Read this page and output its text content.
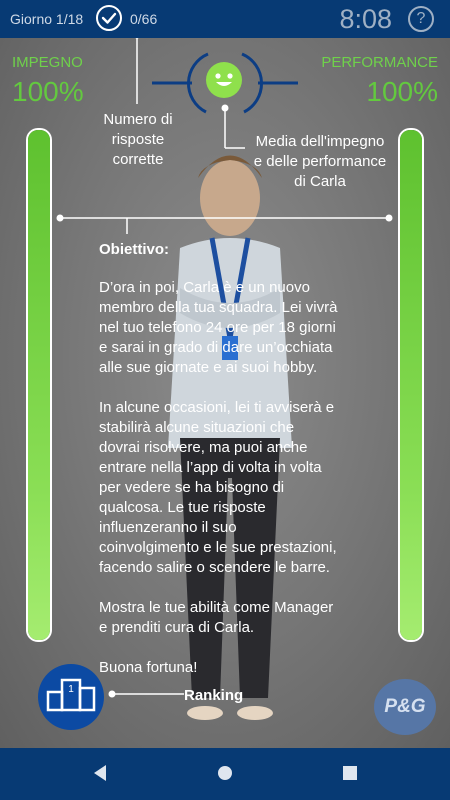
Giorno 1/18	0/66	8:08	?
IMPEGNO
100%
PERFORMANCE
100%
Numero di
risposte
corrette
Media dell'impegno
e delle performance
di Carla
Obiettivo:

D’ora in poi, Carla è e un nuovo
membro della tua squadra. Lei vivrà
nel tuo telefono 24 ore per 18 giorni
e sarai in grado di dare un’occhiata
alle sue giornate e ai suoi hobby.

In alcune occasioni, lei ti avviserà e
stabilirà alcune situazioni che
dovrai risolvere, ma puoi anche
entrare nella l’app di volta in volta
per vedere se ha bisogno di
qualcosa. Le tue risposte
influenzeranno il suo
coinvolgimento e le sue prestazioni,
facendo salire o scendere le barre.

Mostra le tue abilità come Manager
e prenditi cura di Carla.

Buona fortuna!

1	Ranking
P&G
